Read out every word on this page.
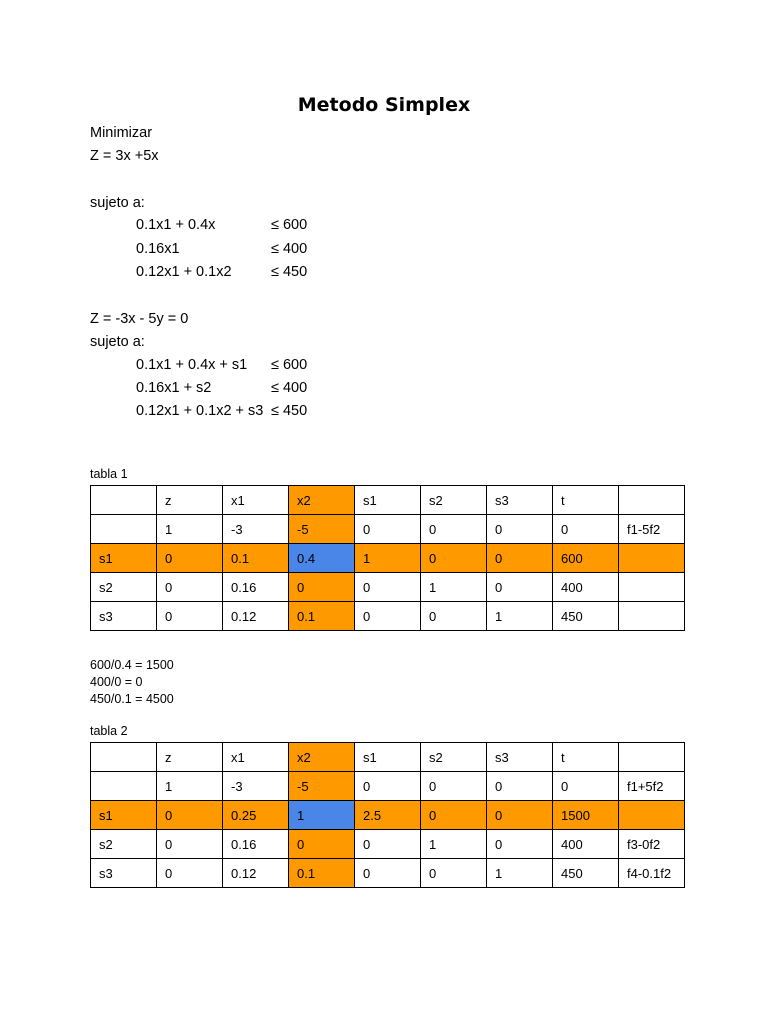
Metodo Simplex
Minimizar
Z = 3x +5x
sujeto a:
0.1x1 + 0.4x	≤ 600
0.16x1	≤ 400
0.12x1 + 0.1x2	≤ 450
Z = -3x - 5y = 0
sujeto a:
0.1x1 + 0.4x + s1 ≤ 600
0.16x1 + s2	≤ 400
0.12x1 + 0.1x2 + s3 ≤ 450
tabla 1
	z	x1	x2	s1	s2	s3	t	
	1	-3	-5	0	0	0	0	f1-5f2
s1	0	0.1	0.4	1	0	0	600	
s2	0	0.16	0	0	1	0	400	
s3	0	0.12	0.1	0	0	1	450	
600/0.4 = 1500
400/0 = 0
450/0.1 = 4500
tabla 2
	z	x1	x2	s1	s2	s3	t	
	1	-3	-5	0	0	0	0	f1+5f2
s1	0	0.25	1	2.5	0	0	1500	
s2	0	0.16	0	0	1	0	400	f3-0f2
s3	0	0.12	0.1	0	0	1	450	f4-0.1f2
